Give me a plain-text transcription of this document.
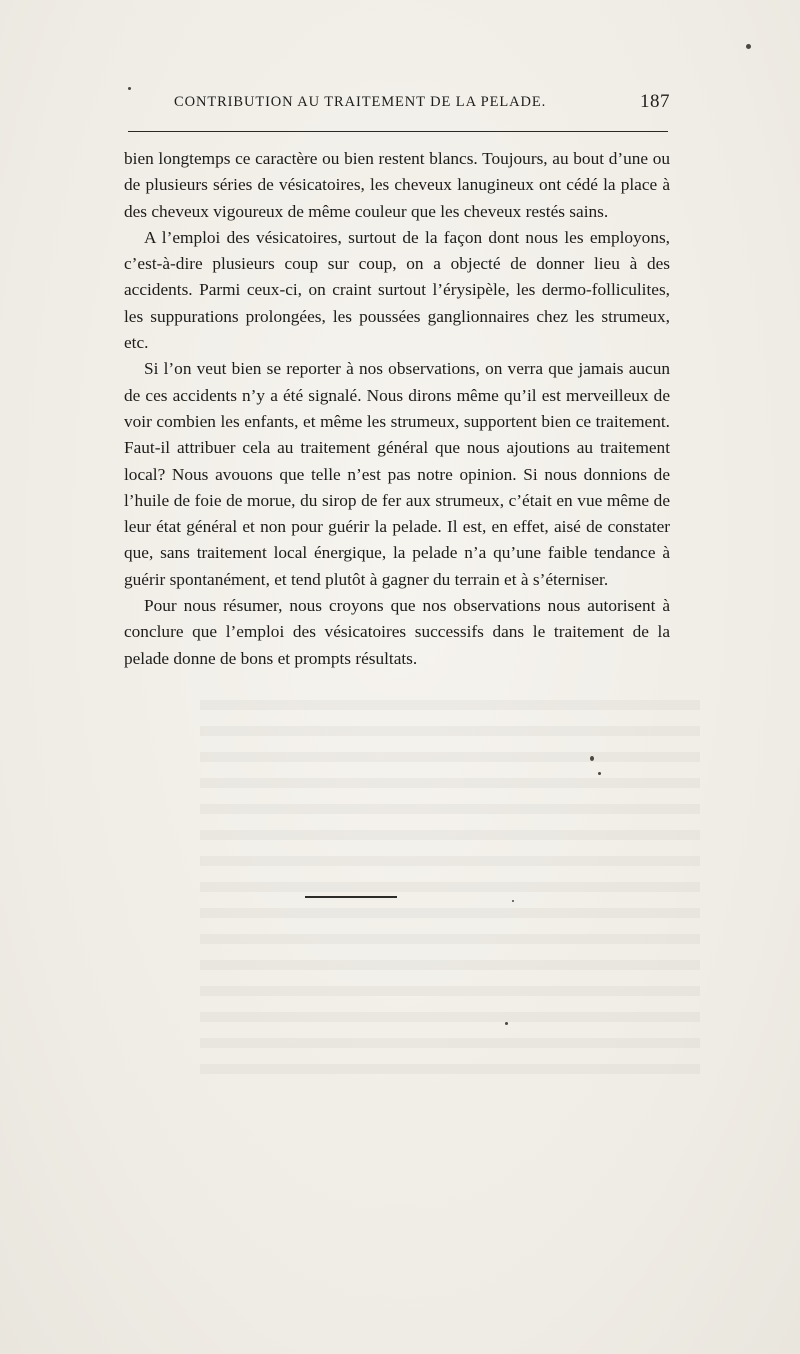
CONTRIBUTION AU TRAITEMENT DE LA PELADE.	187

bien longtemps ce caractère ou bien restent blancs. Toujours, au bout d’une ou de plusieurs séries de vésicatoires, les cheveux lanugineux ont cédé la place à des cheveux vigoureux de même couleur que les cheveux restés sains.

A l’emploi des vésicatoires, surtout de la façon dont nous les employons, c’est-à-dire plusieurs coup sur coup, on a objecté de donner lieu à des accidents. Parmi ceux-ci, on craint surtout l’érysipèle, les dermo-folliculites, les suppurations prolongées, les poussées ganglionnaires chez les strumeux, etc.

Si l’on veut bien se reporter à nos observations, on verra que jamais aucun de ces accidents n’y a été signalé. Nous dirons même qu’il est merveilleux de voir combien les enfants, et même les strumeux, supportent bien ce traitement. Faut-il attribuer cela au traitement général que nous ajoutions au traitement local? Nous avouons que telle n’est pas notre opinion. Si nous donnions de l’huile de foie de morue, du sirop de fer aux strumeux, c’était en vue même de leur état général et non pour guérir la pelade. Il est, en effet, aisé de constater que, sans traitement local énergique, la pelade n’a qu’une faible tendance à guérir spontanément, et tend plutôt à gagner du terrain et à s’éterniser.

Pour nous résumer, nous croyons que nos observations nous autorisent à conclure que l’emploi des vésicatoires successifs dans le traitement de la pelade donne de bons et prompts résultats.
